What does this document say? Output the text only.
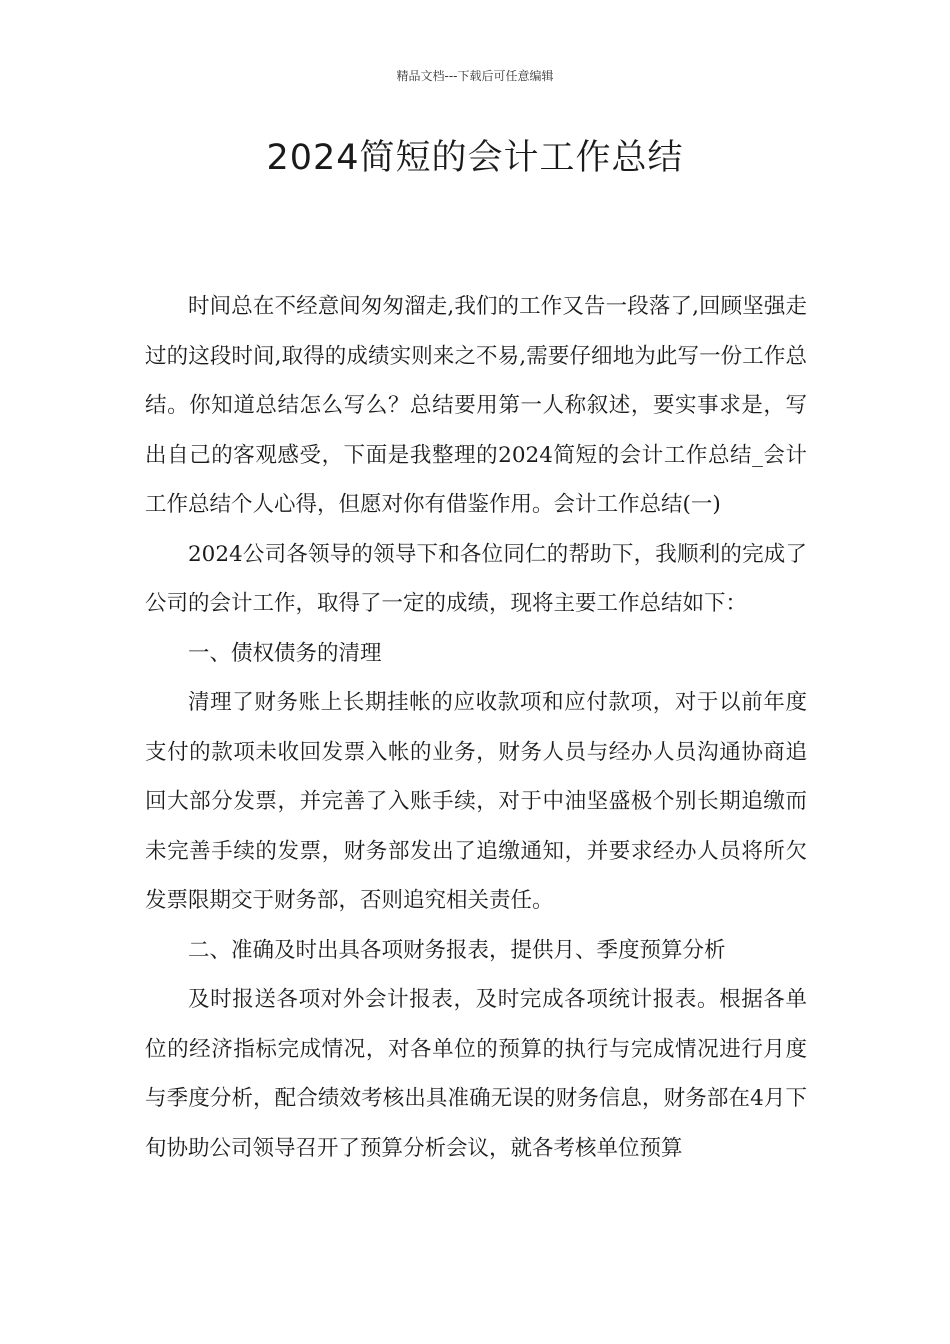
精品文档---下载后可任意编辑
2024简短的会计工作总结

时间总在不经意间匆匆溜走,我们的工作又告一段落了,回顾坚强走过的这段时间,取得的成绩实则来之不易,需要仔细地为此写一份工作总结。你知道总结怎么写么？总结要用第一人称叙述，要实事求是，写出自己的客观感受，下面是我整理的2024简短的会计工作总结_会计工作总结个人心得，但愿对你有借鉴作用。会计工作总结(一)

2024公司各领导的领导下和各位同仁的帮助下，我顺利的完成了公司的会计工作，取得了一定的成绩，现将主要工作总结如下：

一、债权债务的清理

清理了财务账上长期挂帐的应收款项和应付款项，对于以前年度支付的款项未收回发票入帐的业务，财务人员与经办人员沟通协商追回大部分发票，并完善了入账手续，对于中油坚盛极个别长期追缴而未完善手续的发票，财务部发出了追缴通知，并要求经办人员将所欠发票限期交于财务部，否则追究相关责任。

二、准确及时出具各项财务报表，提供月、季度预算分析

及时报送各项对外会计报表，及时完成各项统计报表。根据各单位的经济指标完成情况，对各单位的预算的执行与完成情况进行月度与季度分析，配合绩效考核出具准确无误的财务信息，财务部在4月下旬协助公司领导召开了预算分析会议，就各考核单位预算
